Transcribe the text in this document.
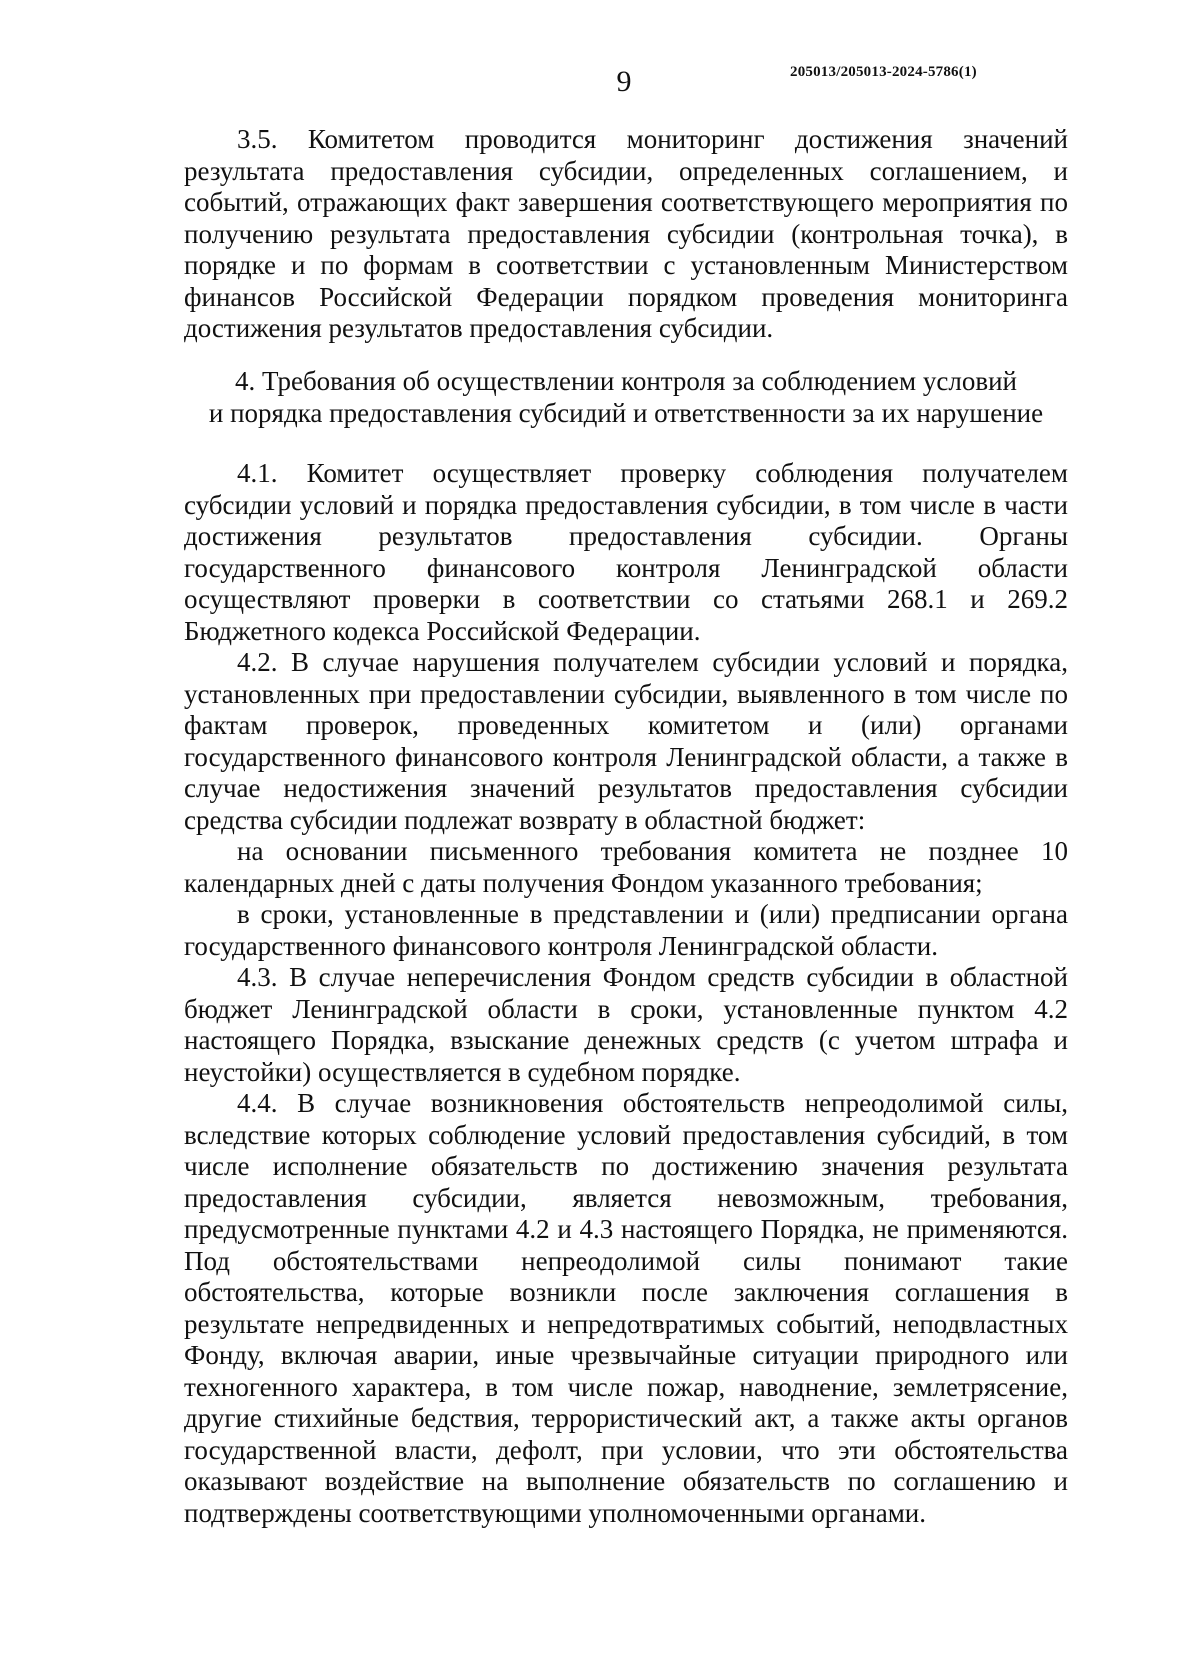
9	205013/205013-2024-5786(1)

3.5. Комитетом проводится мониторинг достижения значений результата предоставления субсидии, определенных соглашением, и событий, отражающих факт завершения соответствующего мероприятия по получению результата предоставления субсидии (контрольная точка), в порядке и по формам в соответствии с установленным Министерством финансов Российской Федерации порядком проведения мониторинга достижения результатов предоставления субсидии.

4. Требования об осуществлении контроля за соблюдением условий
и порядка предоставления субсидий и ответственности за их нарушение

4.1. Комитет осуществляет проверку соблюдения получателем субсидии условий и порядка предоставления субсидии, в том числе в части достижения результатов предоставления субсидии. Органы государственного финансового контроля Ленинградской области осуществляют проверки в соответствии со статьями 268.1 и 269.2 Бюджетного кодекса Российской Федерации.

4.2. В случае нарушения получателем субсидии условий и порядка, установленных при предоставлении субсидии, выявленного в том числе по фактам проверок, проведенных комитетом и (или) органами государственного финансового контроля Ленинградской области, а также в случае недостижения значений результатов предоставления субсидии средства субсидии подлежат возврату в областной бюджет:

на основании письменного требования комитета не позднее 10 календарных дней с даты получения Фондом указанного требования;

в сроки, установленные в представлении и (или) предписании органа государственного финансового контроля Ленинградской области.

4.3. В случае неперечисления Фондом средств субсидии в областной бюджет Ленинградской области в сроки, установленные пунктом 4.2 настоящего Порядка, взыскание денежных средств (с учетом штрафа и неустойки) осуществляется в судебном порядке.

4.4. В случае возникновения обстоятельств непреодолимой силы, вследствие которых соблюдение условий предоставления субсидий, в том числе исполнение обязательств по достижению значения результата предоставления субсидии, является невозможным, требования, предусмотренные пунктами 4.2 и 4.3 настоящего Порядка, не применяются. Под обстоятельствами непреодолимой силы понимают такие обстоятельства, которые возникли после заключения соглашения в результате непредвиденных и непредотвратимых событий, неподвластных Фонду, включая аварии, иные чрезвычайные ситуации природного или техногенного характера, в том числе пожар, наводнение, землетрясение, другие стихийные бедствия, террористический акт, а также акты органов государственной власти, дефолт, при условии, что эти обстоятельства оказывают воздействие на выполнение обязательств по соглашению и подтверждены соответствующими уполномоченными органами.
